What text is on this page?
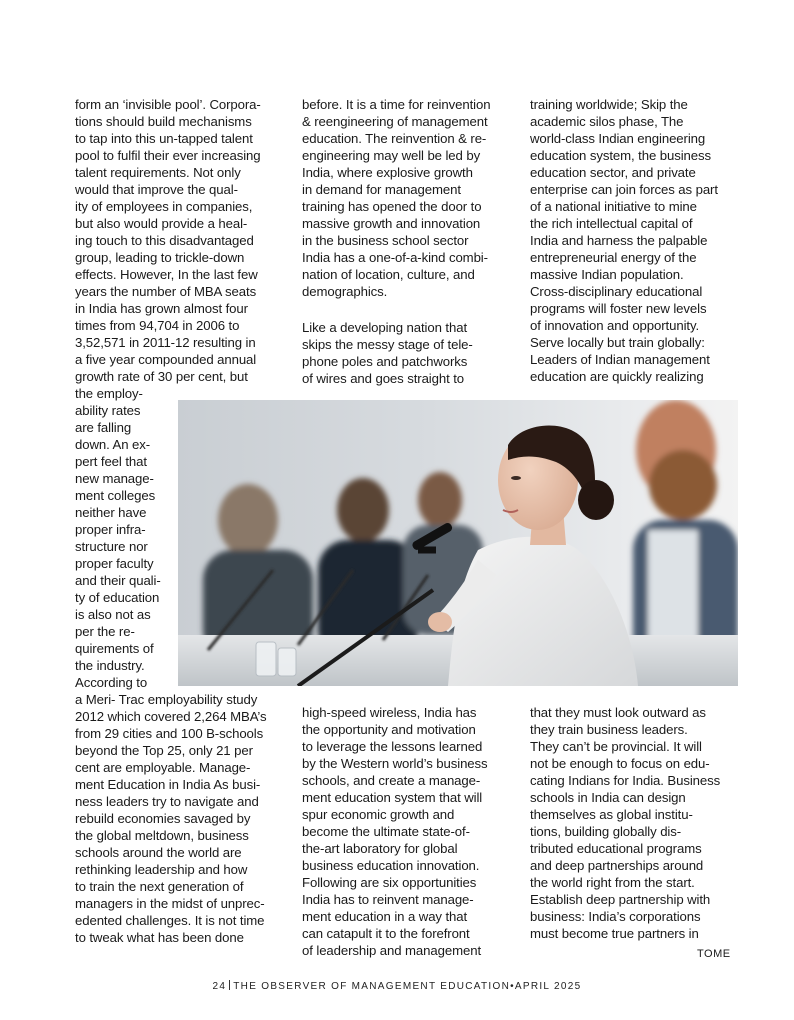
form an ‘invisible pool’. Corpora-
tions should build mechanisms
to tap into this un-tapped talent
pool to fulfil their ever increasing
talent requirements. Not only
would that improve the qual-
ity of employees in companies,
but also would provide a heal-
ing touch to this disadvantaged
group, leading to trickle-down
effects. However, In the last few
years the number of MBA seats
in India has grown almost four
times from 94,704 in 2006 to
3,52,571 in 2011-12 resulting in
a five year compounded annual
growth rate of 30 per cent, but
the employ-
ability rates
are falling
down. An ex-
pert feel that
new manage-
ment colleges
neither have
proper infra-
structure nor
proper faculty
and their quali-
ty of education
is also not as
per the re-
quirements of
the industry.
According to
a Meri- Trac employability study
2012 which covered 2,264 MBA’s
from 29 cities and 100 B-schools
beyond the Top 25, only 21 per
cent are employable. Manage-
ment Education in India As busi-
ness leaders try to navigate and
rebuild economies savaged by
the global meltdown, business
schools around the world are
rethinking leadership and how
to train the next generation of
managers in the midst of unprec-
edented challenges. It is not time
to tweak what has been done
before. It is a time for reinvention
& reengineering of management
education. The reinvention & re-
engineering may well be led by
India, where explosive growth
in demand for management
training has opened the door to
massive growth and innovation
in the business school sector
India has a one-of-a-kind combi-
nation of location, culture, and
demographics.
Like a developing nation that
skips the messy stage of tele-
phone poles and patchworks
of wires and goes straight to
high-speed wireless, India has
the opportunity and motivation
to leverage the lessons learned
by the Western world’s business
schools, and create a manage-
ment education system that will
spur economic growth and
become the ultimate state-of-
the-art laboratory for global
business education innovation.
Following are six opportunities
India has to reinvent manage-
ment education in a way that
can catapult it to the forefront
of leadership and management
training worldwide; Skip the
academic silos phase, The
world-class Indian engineering
education system, the business
education sector, and private
enterprise can join forces as part
of a national initiative to mine
the rich intellectual capital of
India and harness the palpable
entrepreneurial energy of the
massive Indian population.
Cross-disciplinary educational
programs will foster new levels
of innovation and opportunity.
Serve locally but train globally:
Leaders of Indian management
education are quickly realizing
that they must look outward as
they train business leaders.
They can’t be provincial. It will
not be enough to focus on edu-
cating Indians for India. Business
schools in India can design
themselves as global institu-
tions, building globally dis-
tributed educational programs
and deep partnerships around
the world right from the start.
Establish deep partnership with
business: India’s corporations
must become true partners in
TOME
24 THE OBSERVER OF MANAGEMENT EDUCATION•APRIL 2025
